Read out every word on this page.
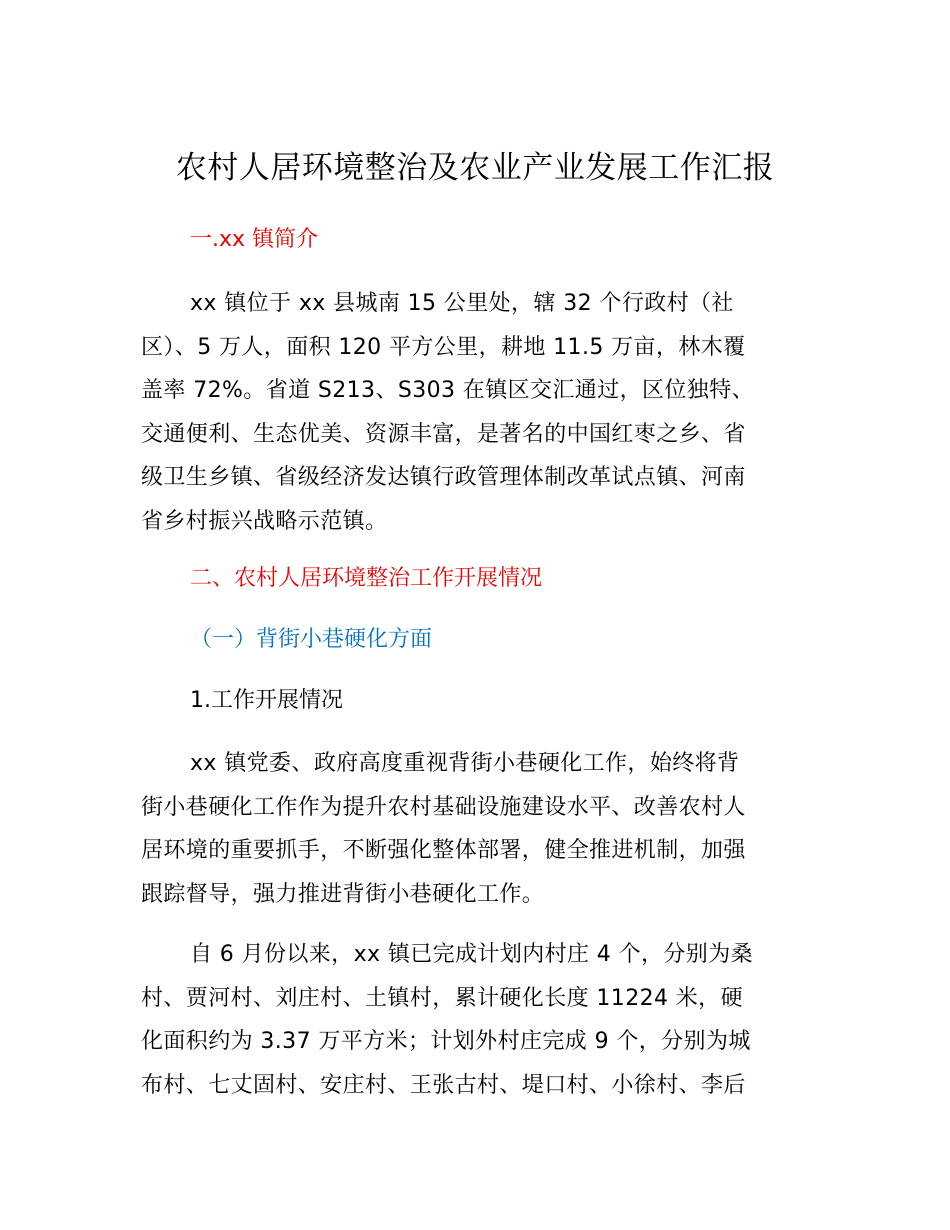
农村人居环境整治及农业产业发展工作汇报
一.xx 镇简介

xx 镇位于 xx 县城南 15 公里处，辖 32 个行政村（社
区）、5 万人，面积 120 平方公里，耕地 11.5 万亩，林木覆
盖率 72%。省道 S213、S303 在镇区交汇通过，区位独特、
交通便利、生态优美、资源丰富，是著名的中国红枣之乡、省
级卫生乡镇、省级经济发达镇行政管理体制改革试点镇、河南
省乡村振兴战略示范镇。

二、农村人居环境整治工作开展情况
（一）背街小巷硬化方面
1.工作开展情况

xx 镇党委、政府高度重视背街小巷硬化工作，始终将背
街小巷硬化工作作为提升农村基础设施建设水平、改善农村人
居环境的重要抓手，不断强化整体部署，健全推进机制，加强
跟踪督导，强力推进背街小巷硬化工作。

自 6 月份以来，xx 镇已完成计划内村庄 4 个，分别为桑
村、贾河村、刘庄村、土镇村，累计硬化长度 11224 米，硬
化面积约为 3.37 万平方米；计划外村庄完成 9 个，分别为城
布村、七丈固村、安庄村、王张古村、堤口村、小徐村、李后
